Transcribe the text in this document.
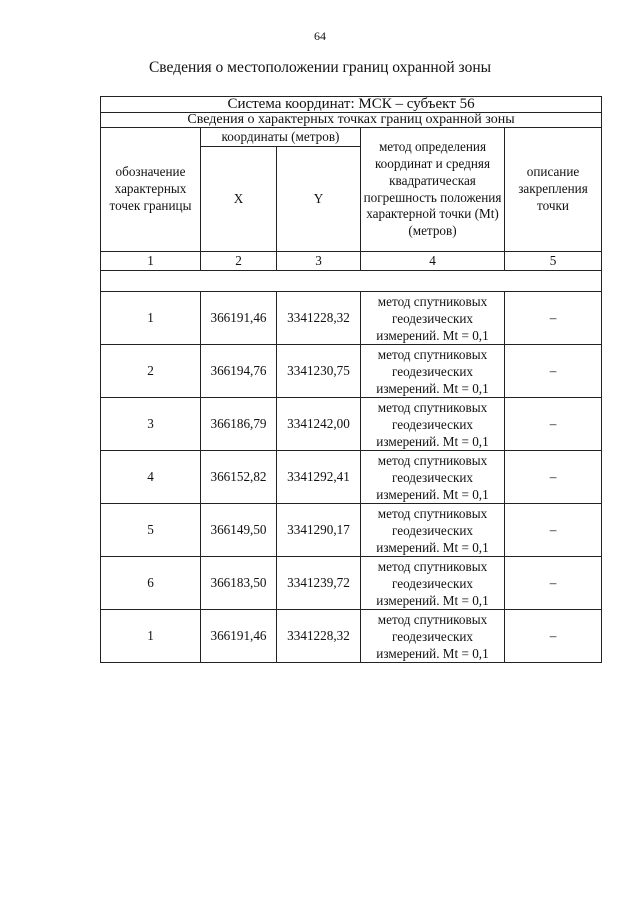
64
Сведения о местоположении границ охранной зоны
Система координат: МСК – субъект 56				
Сведения о характерных точках границ охранной зоны				
обозначение характерных точек границы	координаты (метров)		метод определения координат и средняя квадратическая погрешность положения характерной точки (Mt) (метров)	описание закрепления точки
	X	Y		
1	2	3	4	5

1	366191,46	3341228,32	метод спутниковых геодезических измерений. Mt = 0,1	–
2	366194,76	3341230,75	метод спутниковых геодезических измерений. Mt = 0,1	–
3	366186,79	3341242,00	метод спутниковых геодезических измерений. Mt = 0,1	–
4	366152,82	3341292,41	метод спутниковых геодезических измерений. Mt = 0,1	–
5	366149,50	3341290,17	метод спутниковых геодезических измерений. Mt = 0,1	–
6	366183,50	3341239,72	метод спутниковых геодезических измерений. Mt = 0,1	–
1	366191,46	3341228,32	метод спутниковых геодезических измерений. Mt = 0,1	–
